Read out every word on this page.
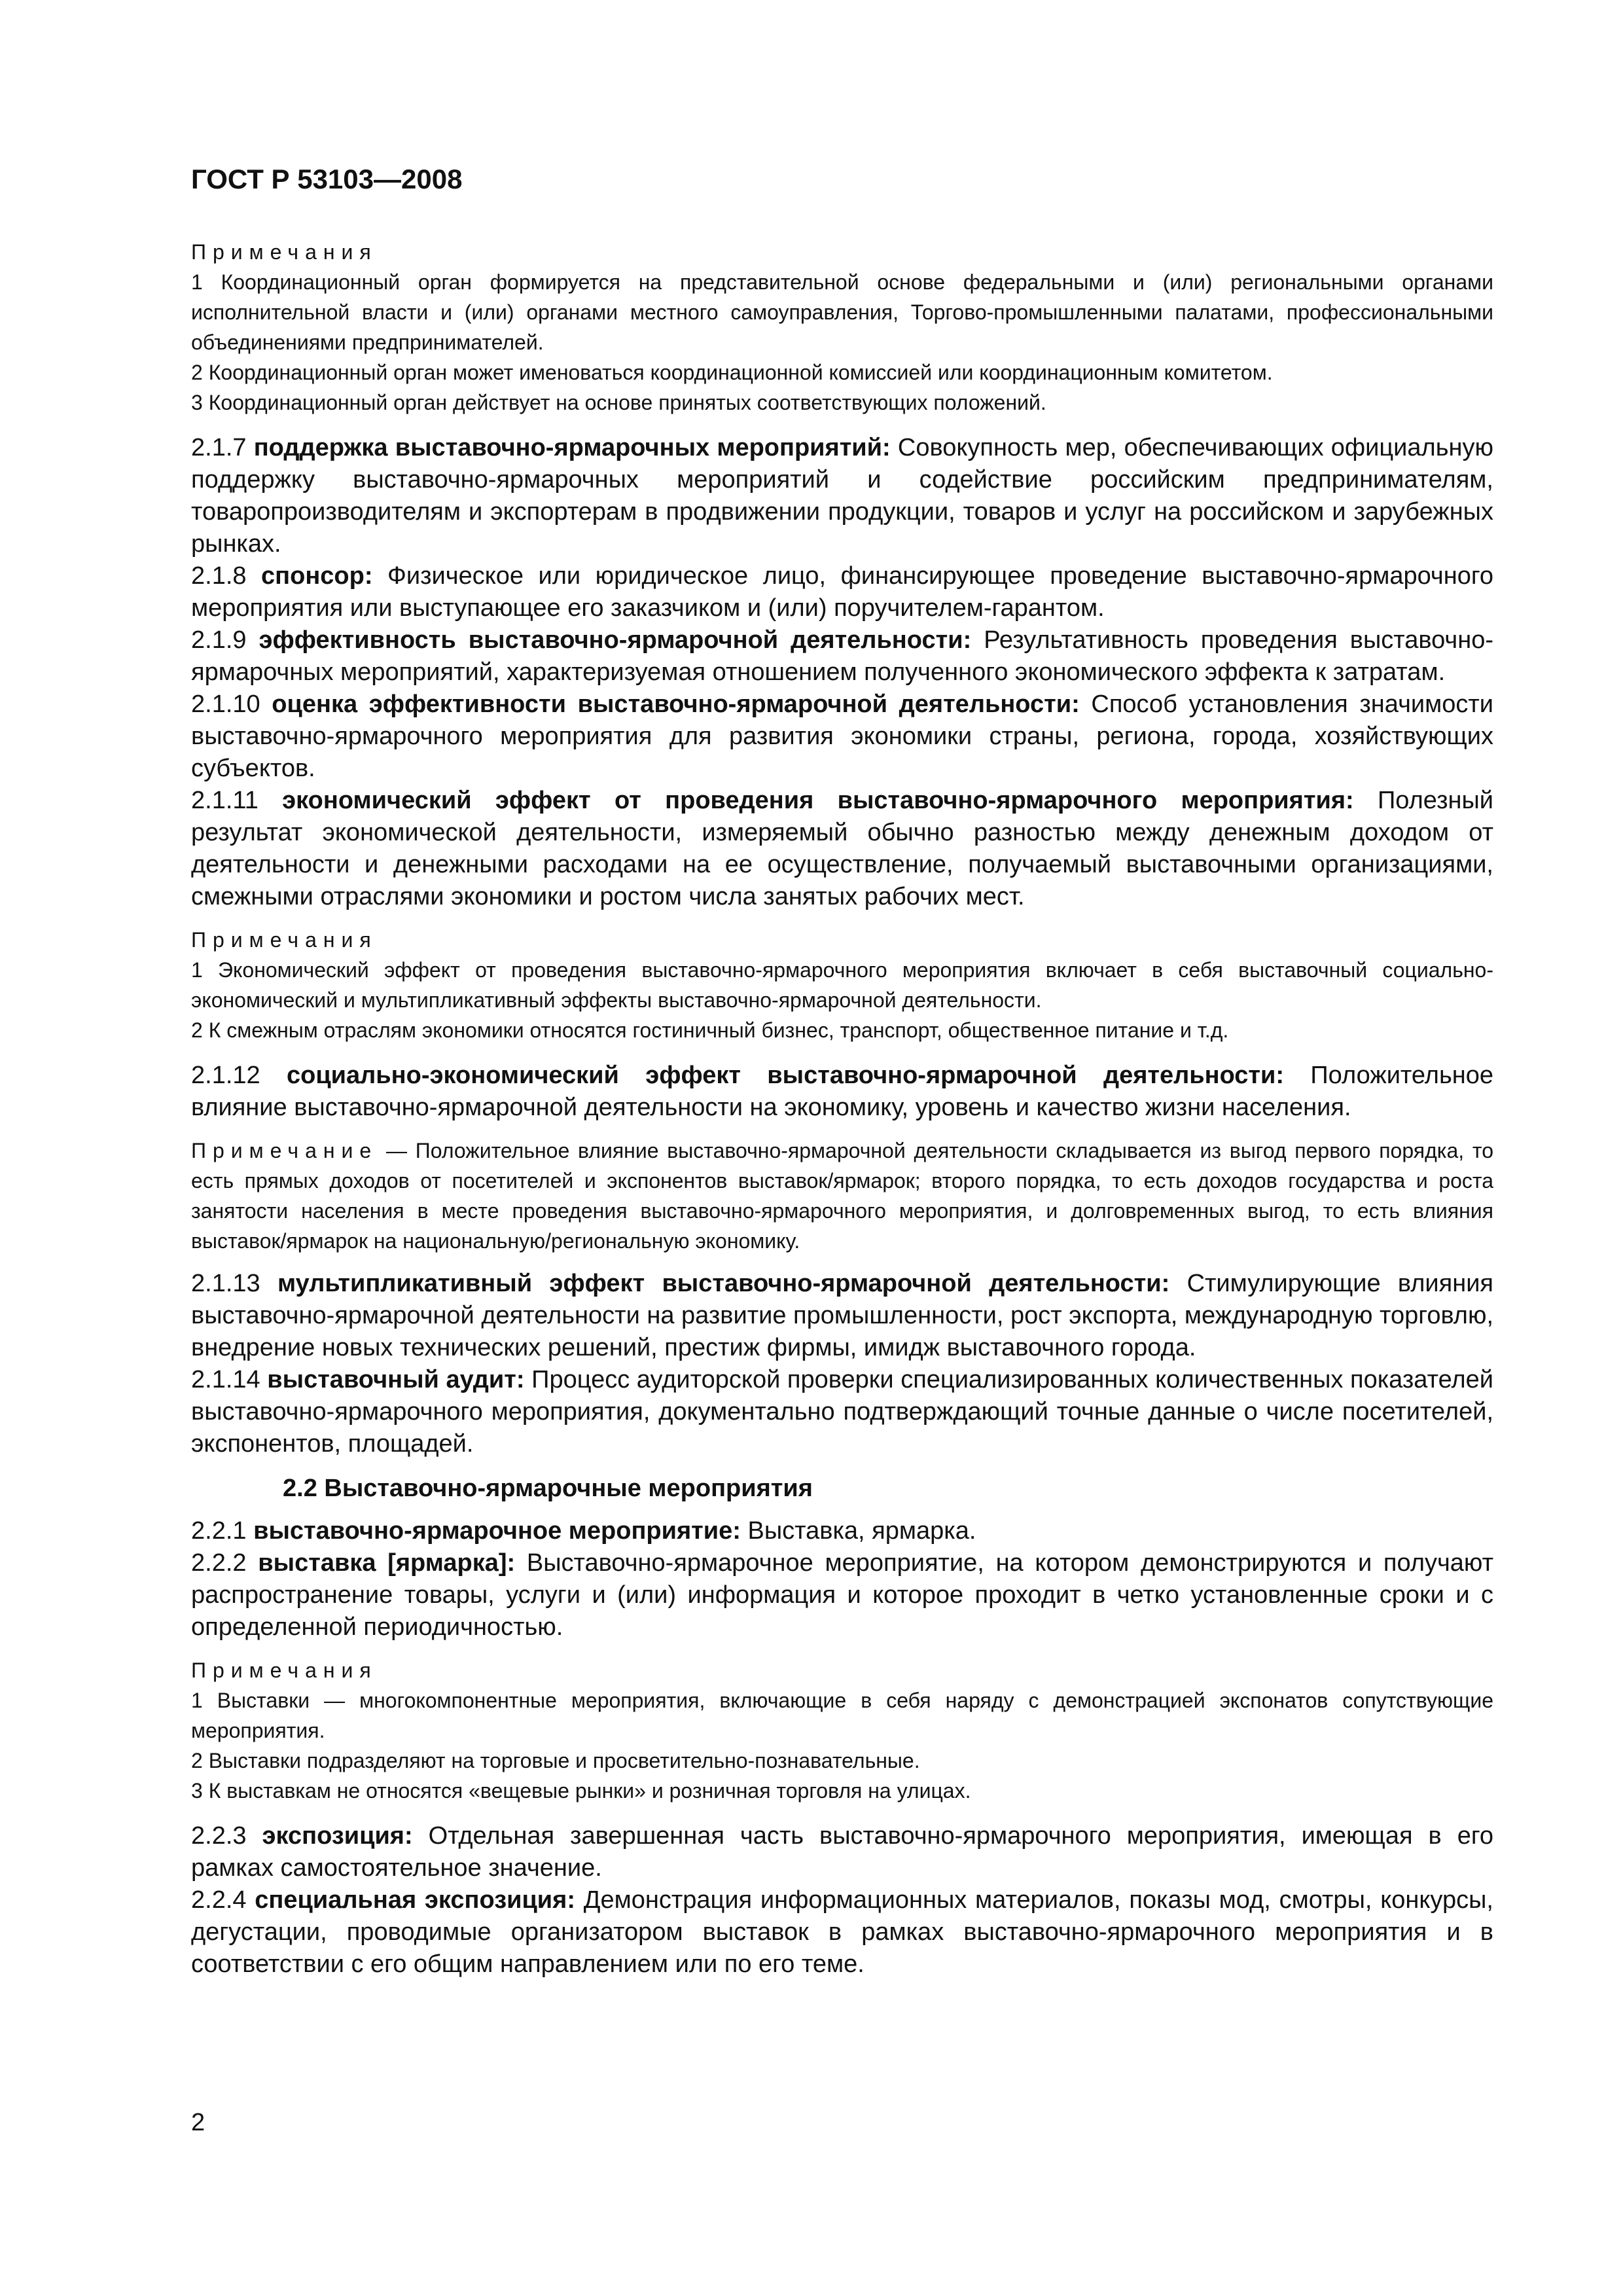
ГОСТ Р 53103—2008
Примечания
1 Координационный орган формируется на представительной основе федеральными и (или) региональными органами исполнительной власти и (или) органами местного самоуправления, Торгово-промышленными палатами, профессиональными объединениями предпринимателей.
2 Координационный орган может именоваться координационной комиссией или координационным комитетом.
3 Координационный орган действует на основе принятых соответствующих положений.
2.1.7 поддержка выставочно-ярмарочных мероприятий: Совокупность мер, обеспечивающих официальную поддержку выставочно-ярмарочных мероприятий и содействие российским предпринимателям, товаропроизводителям и экспортерам в продвижении продукции, товаров и услуг на российском и зарубежных рынках.
2.1.8 спонсор: Физическое или юридическое лицо, финансирующее проведение выставочно-ярмарочного мероприятия или выступающее его заказчиком и (или) поручителем-гарантом.
2.1.9 эффективность выставочно-ярмарочной деятельности: Результативность проведения выставочно-ярмарочных мероприятий, характеризуемая отношением полученного экономического эффекта к затратам.
2.1.10 оценка эффективности выставочно-ярмарочной деятельности: Способ установления значимости выставочно-ярмарочного мероприятия для развития экономики страны, региона, города, хозяйствующих субъектов.
2.1.11 экономический эффект от проведения выставочно-ярмарочного мероприятия: Полезный результат экономической деятельности, измеряемый обычно разностью между денежным доходом от деятельности и денежными расходами на ее осуществление, получаемый выставочными организациями, смежными отраслями экономики и ростом числа занятых рабочих мест.
Примечания
1 Экономический эффект от проведения выставочно-ярмарочного мероприятия включает в себя выставочный социально-экономический и мультипликативный эффекты выставочно-ярмарочной деятельности.
2 К смежным отраслям экономики относятся гостиничный бизнес, транспорт, общественное питание и т.д.
2.1.12 социально-экономический эффект выставочно-ярмарочной деятельности: Положительное влияние выставочно-ярмарочной деятельности на экономику, уровень и качество жизни населения.
Примечание — Положительное влияние выставочно-ярмарочной деятельности складывается из выгод первого порядка, то есть прямых доходов от посетителей и экспонентов выставок/ярмарок; второго порядка, то есть доходов государства и роста занятости населения в месте проведения выставочно-ярмарочного мероприятия, и долговременных выгод, то есть влияния выставок/ярмарок на национальную/региональную экономику.
2.1.13 мультипликативный эффект выставочно-ярмарочной деятельности: Стимулирующие влияния выставочно-ярмарочной деятельности на развитие промышленности, рост экспорта, международную торговлю, внедрение новых технических решений, престиж фирмы, имидж выставочного города.
2.1.14 выставочный аудит: Процесс аудиторской проверки специализированных количественных показателей выставочно-ярмарочного мероприятия, документально подтверждающий точные данные о числе посетителей, экспонентов, площадей.
2.2 Выставочно-ярмарочные мероприятия
2.2.1 выставочно-ярмарочное мероприятие: Выставка, ярмарка.
2.2.2 выставка [ярмарка]: Выставочно-ярмарочное мероприятие, на котором демонстрируются и получают распространение товары, услуги и (или) информация и которое проходит в четко установленные сроки и с определенной периодичностью.
Примечания
1 Выставки — многокомпонентные мероприятия, включающие в себя наряду с демонстрацией экспонатов сопутствующие мероприятия.
2 Выставки подразделяют на торговые и просветительно-познавательные.
3 К выставкам не относятся «вещевые рынки» и розничная торговля на улицах.
2.2.3 экспозиция: Отдельная завершенная часть выставочно-ярмарочного мероприятия, имеющая в его рамках самостоятельное значение.
2.2.4 специальная экспозиция: Демонстрация информационных материалов, показы мод, смотры, конкурсы, дегустации, проводимые организатором выставок в рамках выставочно-ярмарочного мероприятия и в соответствии с его общим направлением или по его теме.
2
